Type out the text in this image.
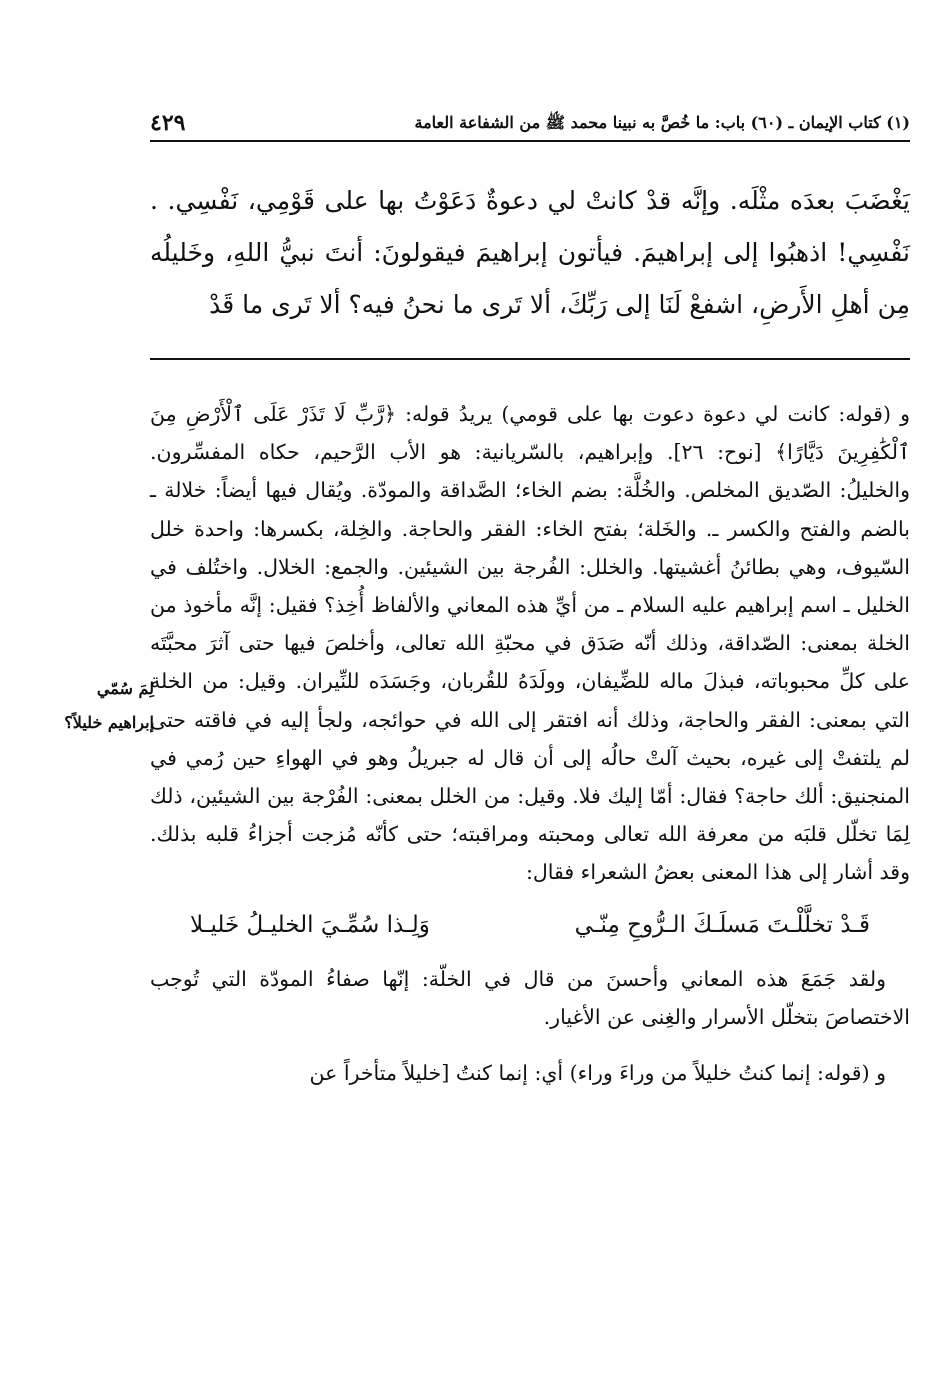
(١) كتاب الإيمان ـ (٦٠) باب: ما خُصَّ به نبينا محمد ﷺ من الشفاعة العامة
٤٢٩

يَغْضَبَ بعدَه مثْلَه. وإنَّه قدْ كانتْ لي دعوةٌ دَعَوْتُ بها على قَوْمِي، نَفْسِي. . نَفْسِي! اذهبُوا إلى إبراهيمَ. فيأتون إبراهيمَ فيقولونَ: أنتَ نبيُّ اللهِ، وخَليلُه مِن أهلِ الأَرضِ، اشفعْ لَنَا إلى رَبِّكَ، ألا تَرى ما نحنُ فيه؟ ألا تَرى ما قَدْ

و (قوله: كانت لي دعوة دعوت بها على قومي) يريدُ قوله: ﴿رَّبِّ لَا تَذَرْ عَلَى ٱلْأَرْضِ مِنَ ٱلْكَٰفِرِينَ دَيَّارًا﴾ [نوح: ٢٦]. وإبراهيم، بالسّريانية: هو الأب الرَّحيم، حكاه المفسِّرون. والخليلُ: الصّديق المخلص. والخُلَّة: بضم الخاء؛ الصَّداقة والمودّة. ويُقال فيها أيضاً: خلالة ـ بالضم والفتح والكسر ـ. والخَلة؛ بفتح الخاء: الفقر والحاجة. والخِلة، بكسرها: واحدة خلل السّيوف، وهي بطائنُ أغشيتها. والخلل: الفُرجة بين الشيئين. والجمع: الخلال. واختُلف في الخليل ـ اسم إبراهيم عليه السلام ـ من أيِّ هذه المعاني والألفاظ أُخِذ؟ فقيل: إنَّه مأخوذ من الخلة بمعنى: الصّداقة، وذلك أنّه صَدَق في محبّةِ الله تعالى، وأخلصَ فيها حتى آثرَ محبَّتَه على كلِّ محبوباته، فبذلَ ماله للضِّيفان، وولَدَهُ للقُربان، وجَسَدَه للنِّيران. وقيل: من الخلة التي بمعنى: الفقر والحاجة، وذلك أنه افتقر إلى الله في حوائجه، ولجأ إليه في فاقته حتى لم يلتفتْ إلى غيره، بحيث آلتْ حالُه إلى أن قال له جبريلُ وهو في الهواءِ حين رُمي في المنجنيق: ألك حاجة؟ فقال: أمّا إليك فلا. وقيل: من الخلل بمعنى: الفُرْجة بين الشيئين، ذلك لِمَا تخلّل قلبَه من معرفة الله تعالى ومحبته ومراقبته؛ حتى كأنّه مُزجت أجزاءُ قلبه بذلك. وقد أشار إلى هذا المعنى بعضُ الشعراء فقال:

قَـدْ تخلَّلْـتَ مَسلَـكَ الـرُّوحِ مِنّـي
وَلِـذا سُمِّـيَ الخليـلُ خَليـلا

ولقد جَمَعَ هذه المعاني وأحسنَ من قال في الخلّة: إنّها صفاءُ المودّة التي تُوجب الاختصاصَ بتخلّل الأسرار والغِنى عن الأغيار.

و (قوله: إنما كنتُ خليلاً من وراءَ وراء) أي: إنما كنتُ [خليلاً متأخراً عن

لِمَ سُمّي
إبراهيم خليلاً؟
